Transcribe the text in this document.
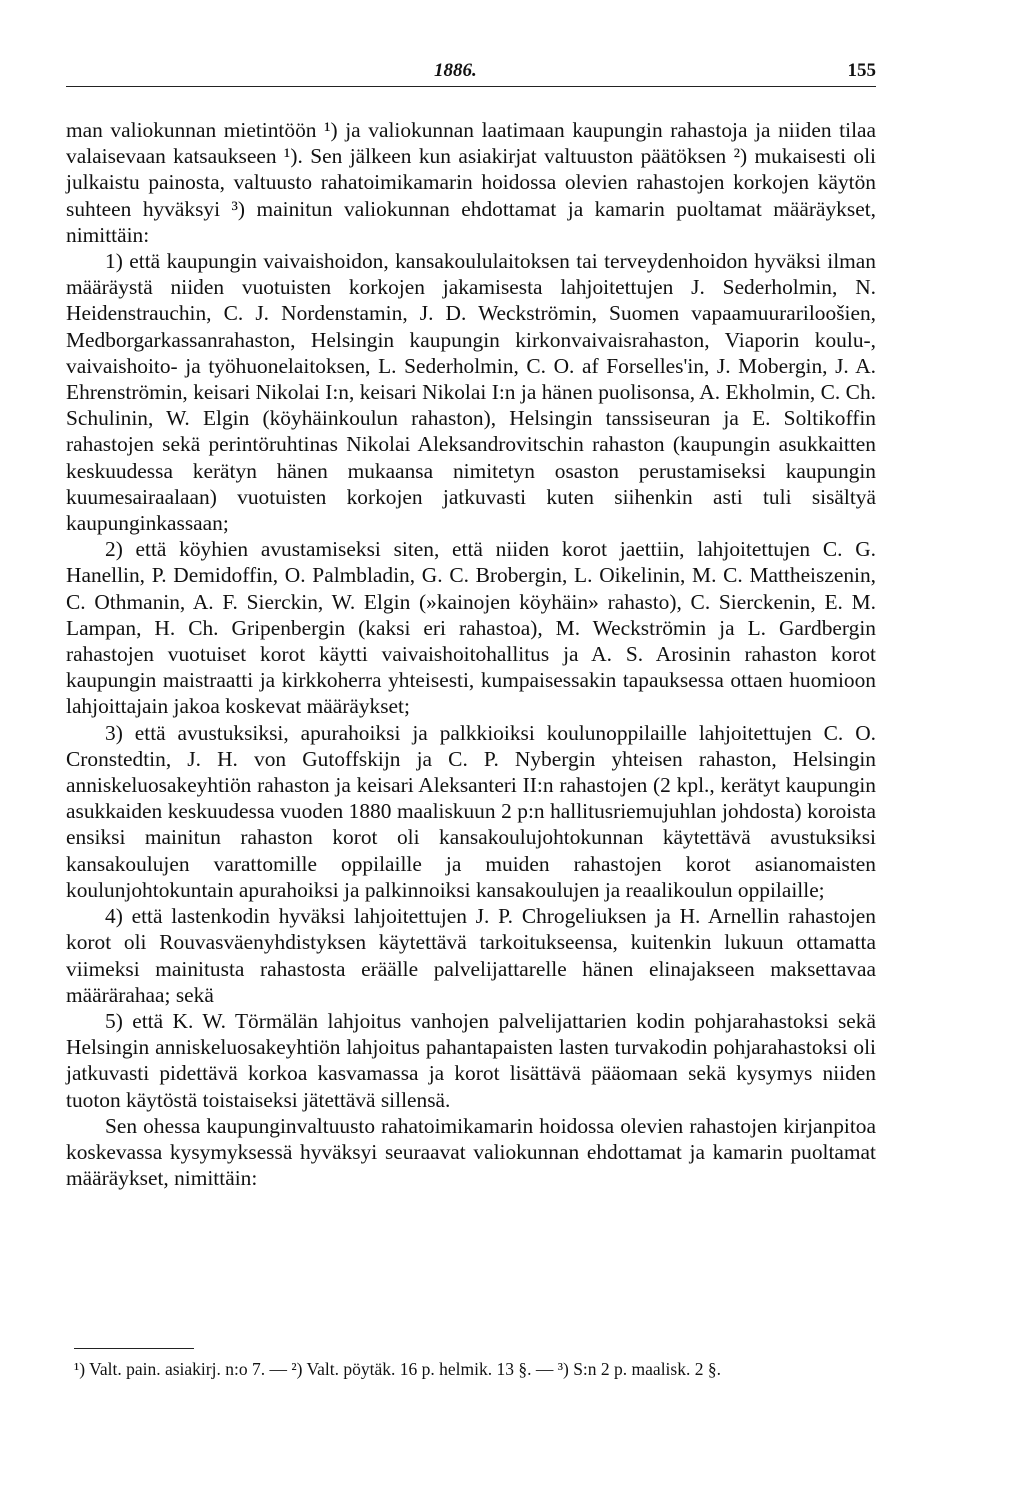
1886.	155

man valiokunnan mietintöön ¹) ja valiokunnan laatimaan kaupungin rahastoja ja niiden tilaa valaisevaan katsaukseen ¹). Sen jälkeen kun asiakirjat valtuuston päätöksen ²) mukaisesti oli julkaistu painosta, valtuusto rahatoimikamarin hoidossa olevien rahastojen korkojen käytön suhteen hyväksyi ³) mainitun valiokunnan ehdottamat ja kamarin puoltamat määräykset, nimittäin:

1) että kaupungin vaivaishoidon, kansakoululaitoksen tai terveydenhoidon hyväksi ilman määräystä niiden vuotuisten korkojen jakamisesta lahjoitettujen J. Sederholmin, N. Heidenstrauchin, C. J. Nordenstamin, J. D. Weckströmin, Suomen vapaamuurariloošien, Medborgarkassanrahaston, Helsingin kaupungin kirkonvaivaisrahaston, Viaporin koulu-, vaivaishoito- ja työhuonelaitoksen, L. Sederholmin, C. O. af Forselles'in, J. Mobergin, J. A. Ehrenströmin, keisari Nikolai I:n, keisari Nikolai I:n ja hänen puolisonsa, A. Ekholmin, C. Ch. Schulinin, W. Elgin (köyhäinkoulun rahaston), Helsingin tanssiseuran ja E. Soltikoffin rahastojen sekä perintöruhtinas Nikolai Aleksandrovitschin rahaston (kaupungin asukkaitten keskuudessa kerätyn hänen mukaansa nimitetyn osaston perustamiseksi kaupungin kuumesairaalaan) vuotuisten korkojen jatkuvasti kuten siihenkin asti tuli sisältyä kaupunginkassaan;

2) että köyhien avustamiseksi siten, että niiden korot jaettiin, lahjoitettujen C. G. Hanellin, P. Demidoffin, O. Palmbladin, G. C. Brobergin, L. Oikelinin, M. C. Mattheiszenin, C. Othmanin, A. F. Sierckin, W. Elgin (»kainojen köyhäin» rahasto), C. Sierckenin, E. M. Lampan, H. Ch. Gripenbergin (kaksi eri rahastoa), M. Weckströmin ja L. Gardbergin rahastojen vuotuiset korot käytti vaivaishoitohallitus ja A. S. Arosinin rahaston korot kaupungin maistraatti ja kirkkoherra yhteisesti, kumpaisessakin tapauksessa ottaen huomioon lahjoittajain jakoa koskevat määräykset;

3) että avustuksiksi, apurahoiksi ja palkkioiksi koulunoppilaille lahjoitettujen C. O. Cronstedtin, J. H. von Gutoffskijn ja C. P. Nybergin yhteisen rahaston, Helsingin anniskeluosakeyhtiön rahaston ja keisari Aleksanteri II:n rahastojen (2 kpl., kerätyt kaupungin asukkaiden keskuudessa vuoden 1880 maaliskuun 2 p:n hallitusriemujuhlan johdosta) koroista ensiksi mainitun rahaston korot oli kansakoulujohtokunnan käytettävä avustuksiksi kansakoulujen varattomille oppilaille ja muiden rahastojen korot asianomaisten koulunjohtokuntain apurahoiksi ja palkinnoiksi kansakoulujen ja reaalikoulun oppilaille;

4) että lastenkodin hyväksi lahjoitettujen J. P. Chrogeliuksen ja H. Arnellin rahastojen korot oli Rouvasväenyhdistyksen käytettävä tarkoitukseensa, kuitenkin lukuun ottamatta viimeksi mainitusta rahastosta eräälle palvelijattarelle hänen elinajakseen maksettavaa määrärahaa; sekä

5) että K. W. Törmälän lahjoitus vanhojen palvelijattarien kodin pohjarahastoksi sekä Helsingin anniskeluosakeyhtiön lahjoitus pahantapaisten lasten turvakodin pohjarahastoksi oli jatkuvasti pidettävä korkoa kasvamassa ja korot lisättävä pääomaan sekä kysymys niiden tuoton käytöstä toistaiseksi jätettävä sillensä.

Sen ohessa kaupunginvaltuusto rahatoimikamarin hoidossa olevien rahastojen kirjanpitoa koskevassa kysymyksessä hyväksyi seuraavat valiokunnan ehdottamat ja kamarin puoltamat määräykset, nimittäin:

¹) Valt. pain. asiakirj. n:o 7. — ²) Valt. pöytäk. 16 p. helmik. 13 §. — ³) S:n 2 p. maalisk. 2 §.
